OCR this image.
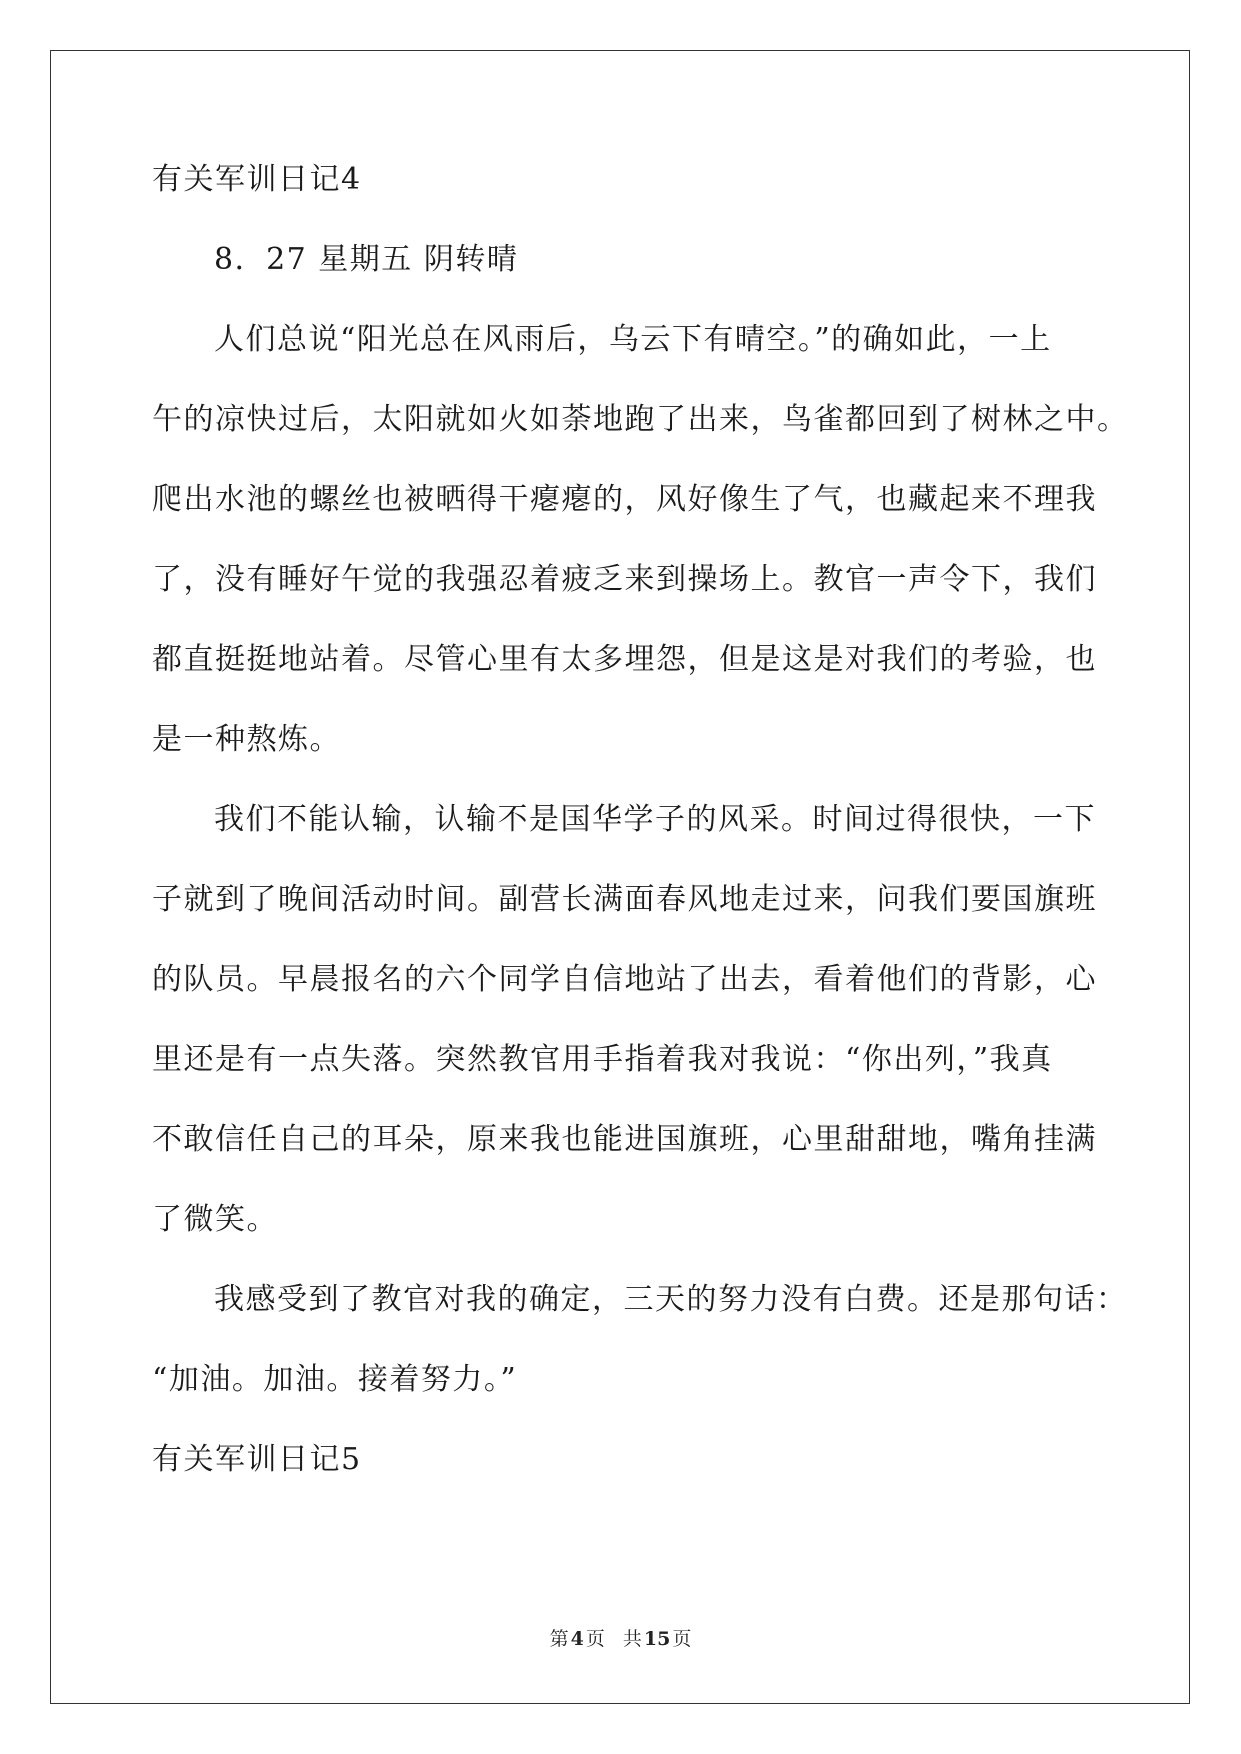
有关军训日记4
8．27 星期五 阴转晴
人们总说“阳光总在风雨后，乌云下有晴空。”的确如此，一上
午的凉快过后，太阳就如火如荼地跑了出来，鸟雀都回到了树林之中。
爬出水池的螺丝也被晒得干瘪瘪的，风好像生了气，也藏起来不理我
了，没有睡好午觉的我强忍着疲乏来到操场上。教官一声令下，我们
都直挺挺地站着。尽管心里有太多埋怨，但是这是对我们的考验，也
是一种熬炼。
我们不能认输，认输不是国华学子的风采。时间过得很快，一下
子就到了晚间活动时间。副营长满面春风地走过来，问我们要国旗班
的队员。早晨报名的六个同学自信地站了出去，看着他们的背影，心
里还是有一点失落。突然教官用手指着我对我说：“你出列，”我真
不敢信任自己的耳朵，原来我也能进国旗班，心里甜甜地，嘴角挂满
了微笑。
我感受到了教官对我的确定，三天的努力没有白费。还是那句话：
“加油。加油。接着努力。”
有关军训日记5
第 4 页 共 15 页
